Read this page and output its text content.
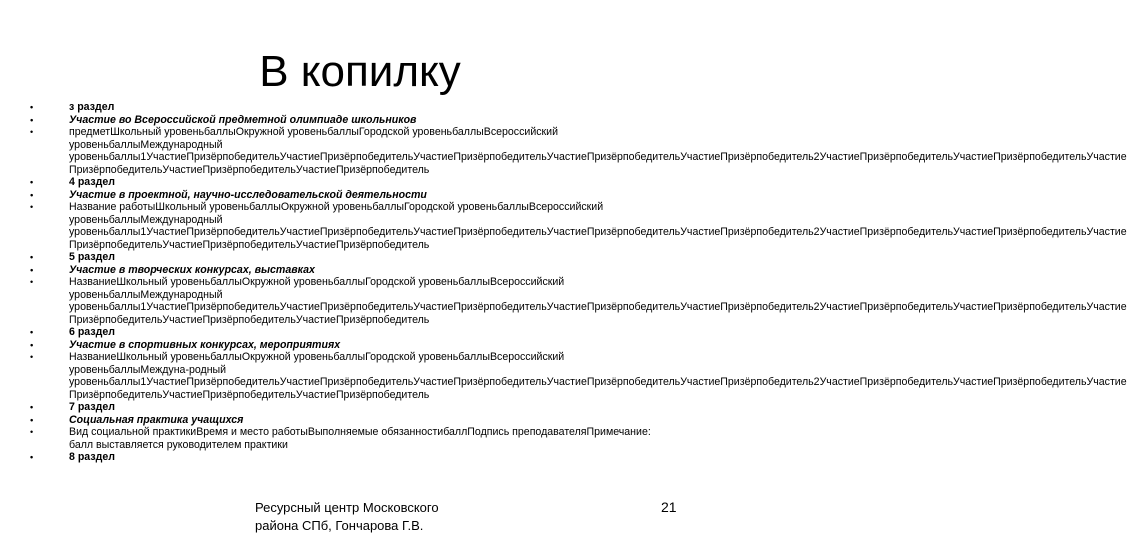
В копилку
• з раздел
• Участие во Всероссийской предметной олимпиаде школьников
• предметШкольный уровеньбаллыОкружной уровеньбаллыГородской уровеньбаллыВсероссийский уровеньбаллыМеждународный уровеньбаллы1УчастиеПризёрпобедительУчастиеПризёрпобедительУчастиеПризёрпобедительУчастиеПризёрпобедительУчастиеПризёрпобедитель2УчастиеПризёрпобедительУчастиеПризёрпобедительУчастие ПризёрпобедительУчастиеПризёрпобедительУчастиеПризёрпобедитель
• 4 раздел
• Участие в проектной, научно-исследовательской деятельности
• Название работыШкольный уровеньбаллыОкружной уровеньбаллыГородской уровеньбаллыВсероссийский уровеньбаллыМеждународный уровеньбаллы1УчастиеПризёрпобедительУчастиеПризёрпобедительУчастиеПризёрпобедительУчастиеПризёрпобедительУчастиеПризёрпобедитель2УчастиеПризёрпобедительУчастиеПризёрпобедительУчастие ПризёрпобедительУчастиеПризёрпобедительУчастиеПризёрпобедитель
• 5 раздел
• Участие в творческих конкурсах, выставках
• НазваниеШкольный уровеньбаллыОкружной уровеньбаллыГородской уровеньбаллыВсероссийский уровеньбаллыМеждународный уровеньбаллы1УчастиеПризёрпобедительУчастиеПризёрпобедительУчастиеПризёрпобедительУчастиеПризёрпобедительУчастиеПризёрпобедитель2УчастиеПризёрпобедительУчастиеПризёрпобедительУчастие ПризёрпобедительУчастиеПризёрпобедительУчастиеПризёрпобедитель
• 6 раздел
• Участие в спортивных конкурсах, мероприятиях
• НазваниеШкольный уровеньбаллыОкружной уровеньбаллыГородской уровеньбаллыВсероссийский уровеньбаллыМеждуна-родный уровеньбаллы1УчастиеПризёрпобедительУчастиеПризёрпобедительУчастиеПризёрпобедительУчастиеПризёрпобедительУчастиеПризёрпобедитель2УчастиеПризёрпобедительУчастиеПризёрпобедительУчастие ПризёрпобедительУчастиеПризёрпобедительУчастиеПризёрпобедитель
• 7 раздел
• Социальная практика учащихся
• Вид социальной практикиВремя и место работыВыполняемые обязанностибаллПодпись преподавателяПримечание: балл выставляется руководителем практики
• 8 раздел
Ресурсный центр Московского района СПб, Гончарова Г.В.
21
